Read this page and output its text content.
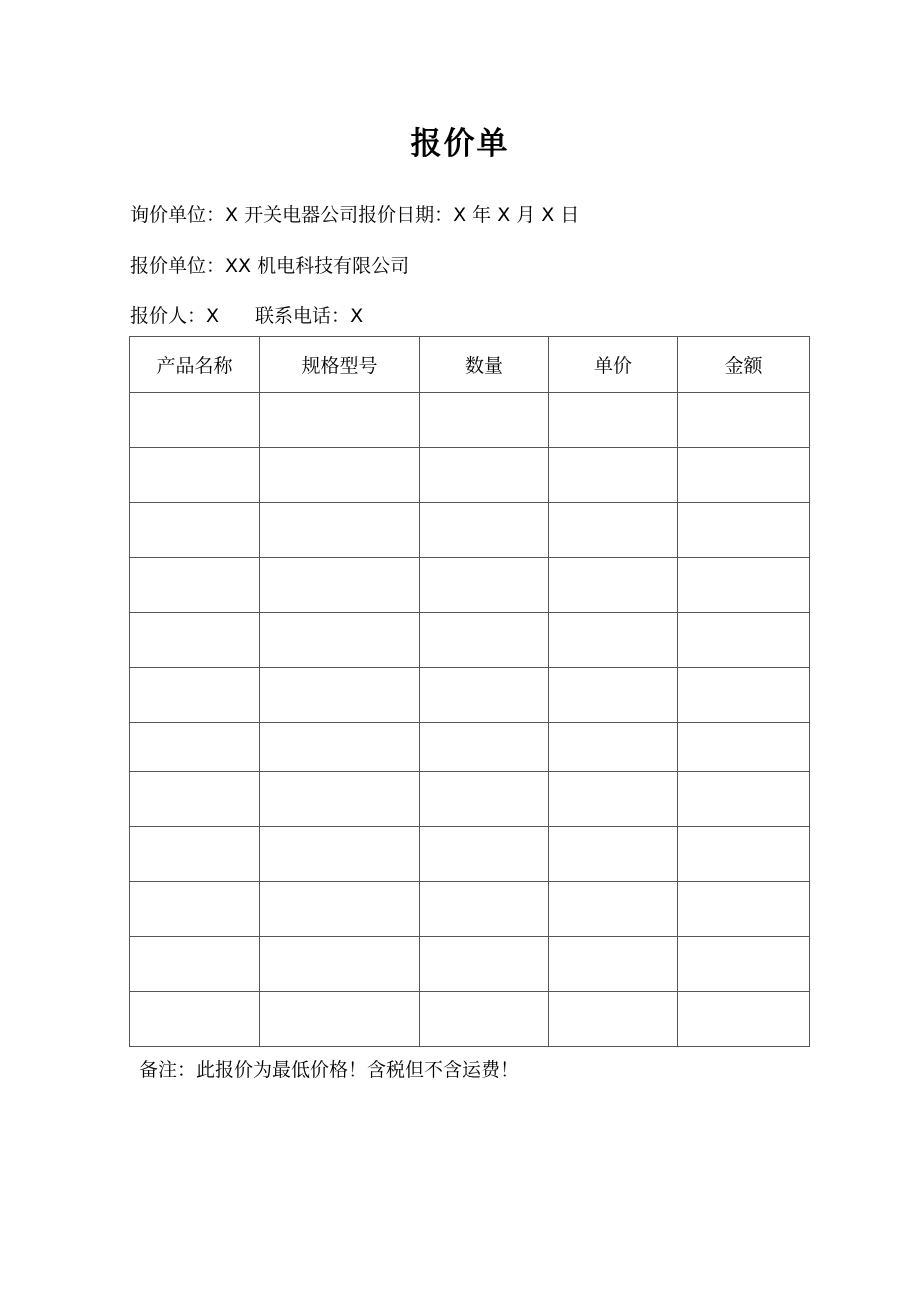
报价单
询价单位：X 开关电器公司报价日期：X 年 X 月 X 日
报价单位：XX 机电科技有限公司
报价人：X 联系电话：X
产品名称	规格型号	数量	单价	金额

备注：此报价为最低价格！含税但不含运费！
